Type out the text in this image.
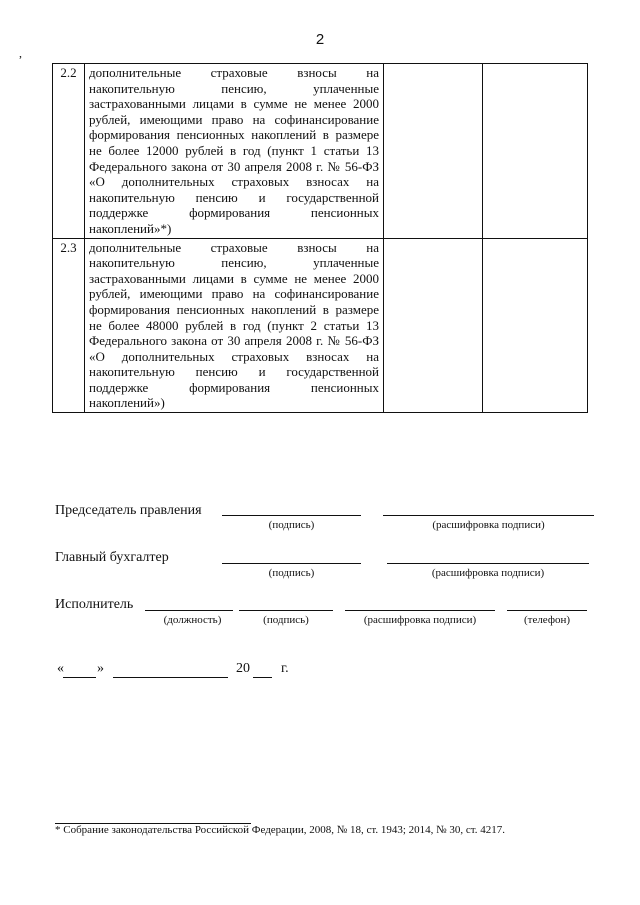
2
,
2.2	дополнительные страховые взносы на накопительную пенсию, уплаченные застрахованными лицами в сумме не менее 2000 рублей, имеющими право на софинансирование формирования пенсионных накоплений в размере не более 12000 рублей в год (пункт 1 статьи 13 Федерального закона от 30 апреля 2008 г. № 56-ФЗ «О дополнительных страховых взносах на накопительную пенсию и государственной поддержке формирования пенсионных накоплений»*)		
2.3	дополнительные страховые взносы на накопительную пенсию, уплаченные застрахованными лицами в сумме не менее 2000 рублей, имеющими право на софинансирование формирования пенсионных накоплений в размере не более 48000 рублей в год (пункт 2 статьи 13 Федерального закона от 30 апреля 2008 г. № 56-ФЗ «О дополнительных страховых взносах на накопительную пенсию и государственной поддержке формирования пенсионных накоплений»)		
Председатель правления
(подпись)	(расшифровка подписи)
Главный бухгалтер
(подпись)	(расшифровка подписи)
Исполнитель
(должность)	(подпись)	(расшифровка подписи)	(телефон)
« »	20 г.
* Собрание законодательства Российской Федерации, 2008, № 18, ст. 1943; 2014, № 30, ст. 4217.
